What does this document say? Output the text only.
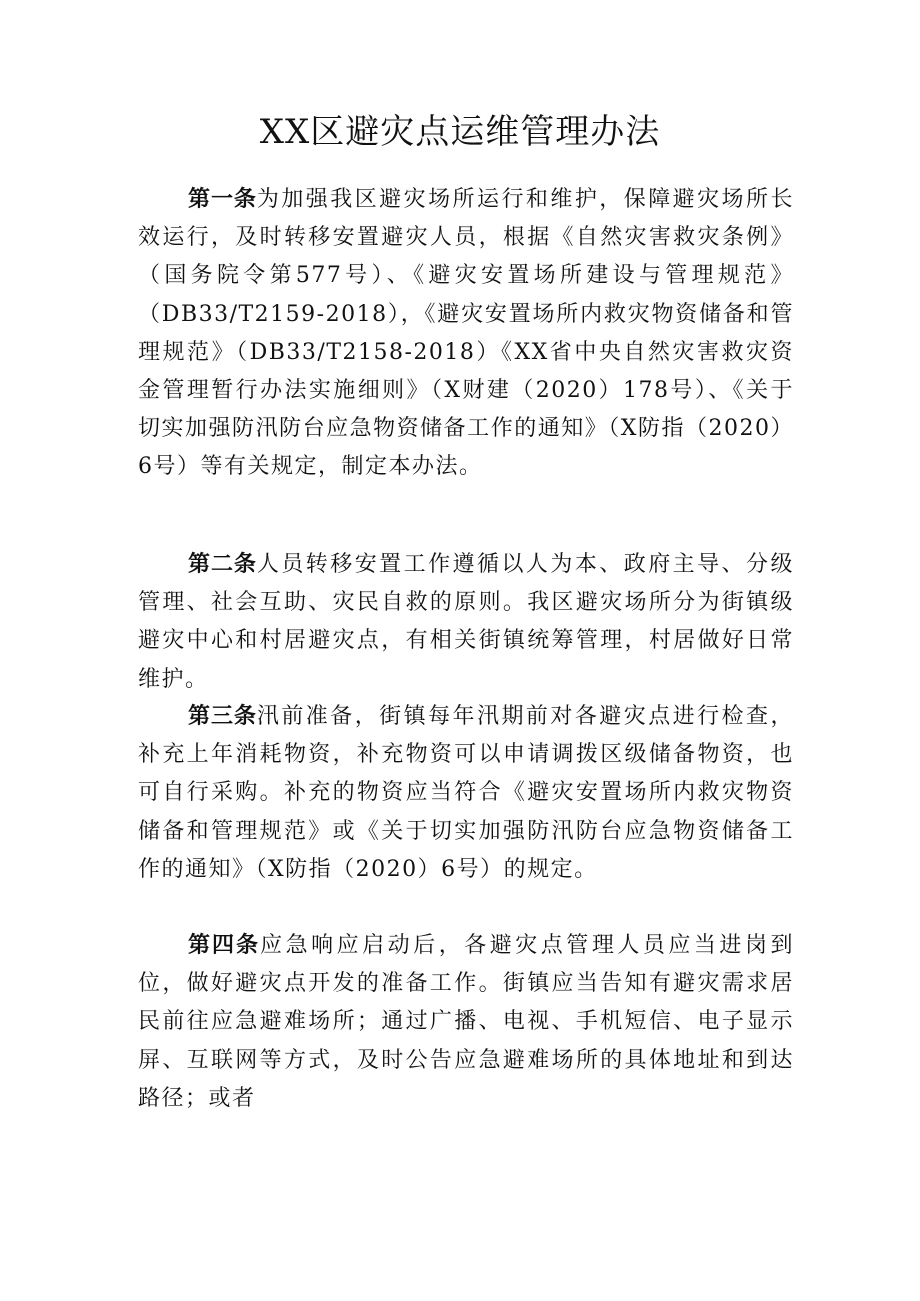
XX区避灾点运维管理办法

第一条为加强我区避灾场所运行和维护，保障避灾场所长效运行，及时转移安置避灾人员，根据《自然灾害救灾条例》（国务院令第577号）、《避灾安置场所建设与管理规范》（DB33/T2159-2018），《避灾安置场所内救灾物资储备和管理规范》（DB33/T2158-2018）《XX省中央自然灾害救灾资金管理暂行办法实施细则》（X财建（2020）178号）、《关于切实加强防汛防台应急物资储备工作的通知》（X防指（2020）6号）等有关规定，制定本办法。

第二条人员转移安置工作遵循以人为本、政府主导、分级管理、社会互助、灾民自救的原则。我区避灾场所分为街镇级避灾中心和村居避灾点，有相关街镇统筹管理，村居做好日常维护。

第三条汛前准备，街镇每年汛期前对各避灾点进行检查，补充上年消耗物资，补充物资可以申请调拨区级储备物资，也可自行采购。补充的物资应当符合《避灾安置场所内救灾物资储备和管理规范》或《关于切实加强防汛防台应急物资储备工作的通知》（X防指（2020）6号）的规定。

第四条应急响应启动后，各避灾点管理人员应当进岗到位，做好避灾点开发的准备工作。街镇应当告知有避灾需求居民前往应急避难场所；通过广播、电视、手机短信、电子显示屏、互联网等方式，及时公告应急避难场所的具体地址和到达路径；或者
